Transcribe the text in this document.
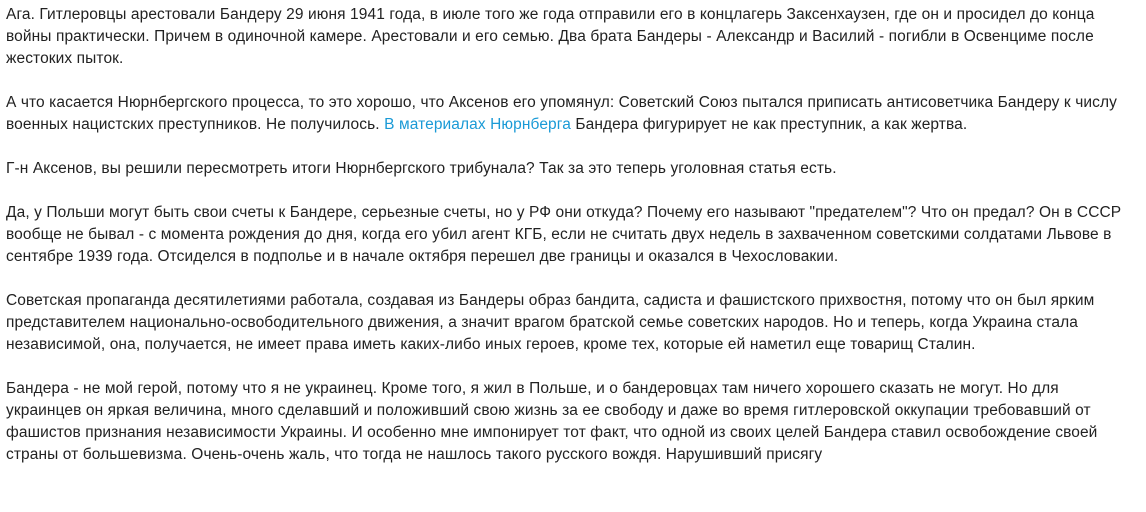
Ага. Гитлеровцы арестовали Бандеру 29 июня 1941 года, в июле того же года отправили его в концлагерь Заксенхаузен, где он и просидел до конца войны практически. Причем в одиночной камере. Арестовали и его семью. Два брата Бандеры - Александр и Василий - погибли в Освенциме после жестоких пыток.

А что касается Нюрнбергского процесса, то это хорошо, что Аксенов его упомянул: Советский Союз пытался приписать антисоветчика Бандеру к числу военных нацистских преступников. Не получилось. В материалах Нюрнберга Бандера фигурирует не как преступник, а как жертва.

Г-н Аксенов, вы решили пересмотреть итоги Нюрнбергского трибунала? Так за это теперь уголовная статья есть.

Да, у Польши могут быть свои счеты к Бандере, серьезные счеты, но у РФ они откуда? Почему его называют "предателем"? Что он предал? Он в СССР вообще не бывал - с момента рождения до дня, когда его убил агент КГБ, если не считать двух недель в захваченном советскими солдатами Львове в сентябре 1939 года. Отсиделся в подполье и в начале октября перешел две границы и оказался в Чехословакии.

Советская пропаганда десятилетиями работала, создавая из Бандеры образ бандита, садиста и фашистского прихвостня, потому что он был ярким представителем национально-освободительного движения, а значит врагом братской семье советских народов. Но и теперь, когда Украина стала независимой, она, получается, не имеет права иметь каких-либо иных героев, кроме тех, которые ей наметил еще товарищ Сталин.

Бандера - не мой герой, потому что я не украинец. Кроме того, я жил в Польше, и о бандеровцах там ничего хорошего сказать не могут. Но для украинцев он яркая величина, много сделавший и положивший свою жизнь за ее свободу и даже во время гитлеровской оккупации требовавший от фашистов признания независимости Украины. И особенно мне импонирует тот факт, что одной из своих целей Бандера ставил освобождение своей страны от большевизма. Очень-очень жаль, что тогда не нашлось такого русского вождя. Нарушивший присягу
